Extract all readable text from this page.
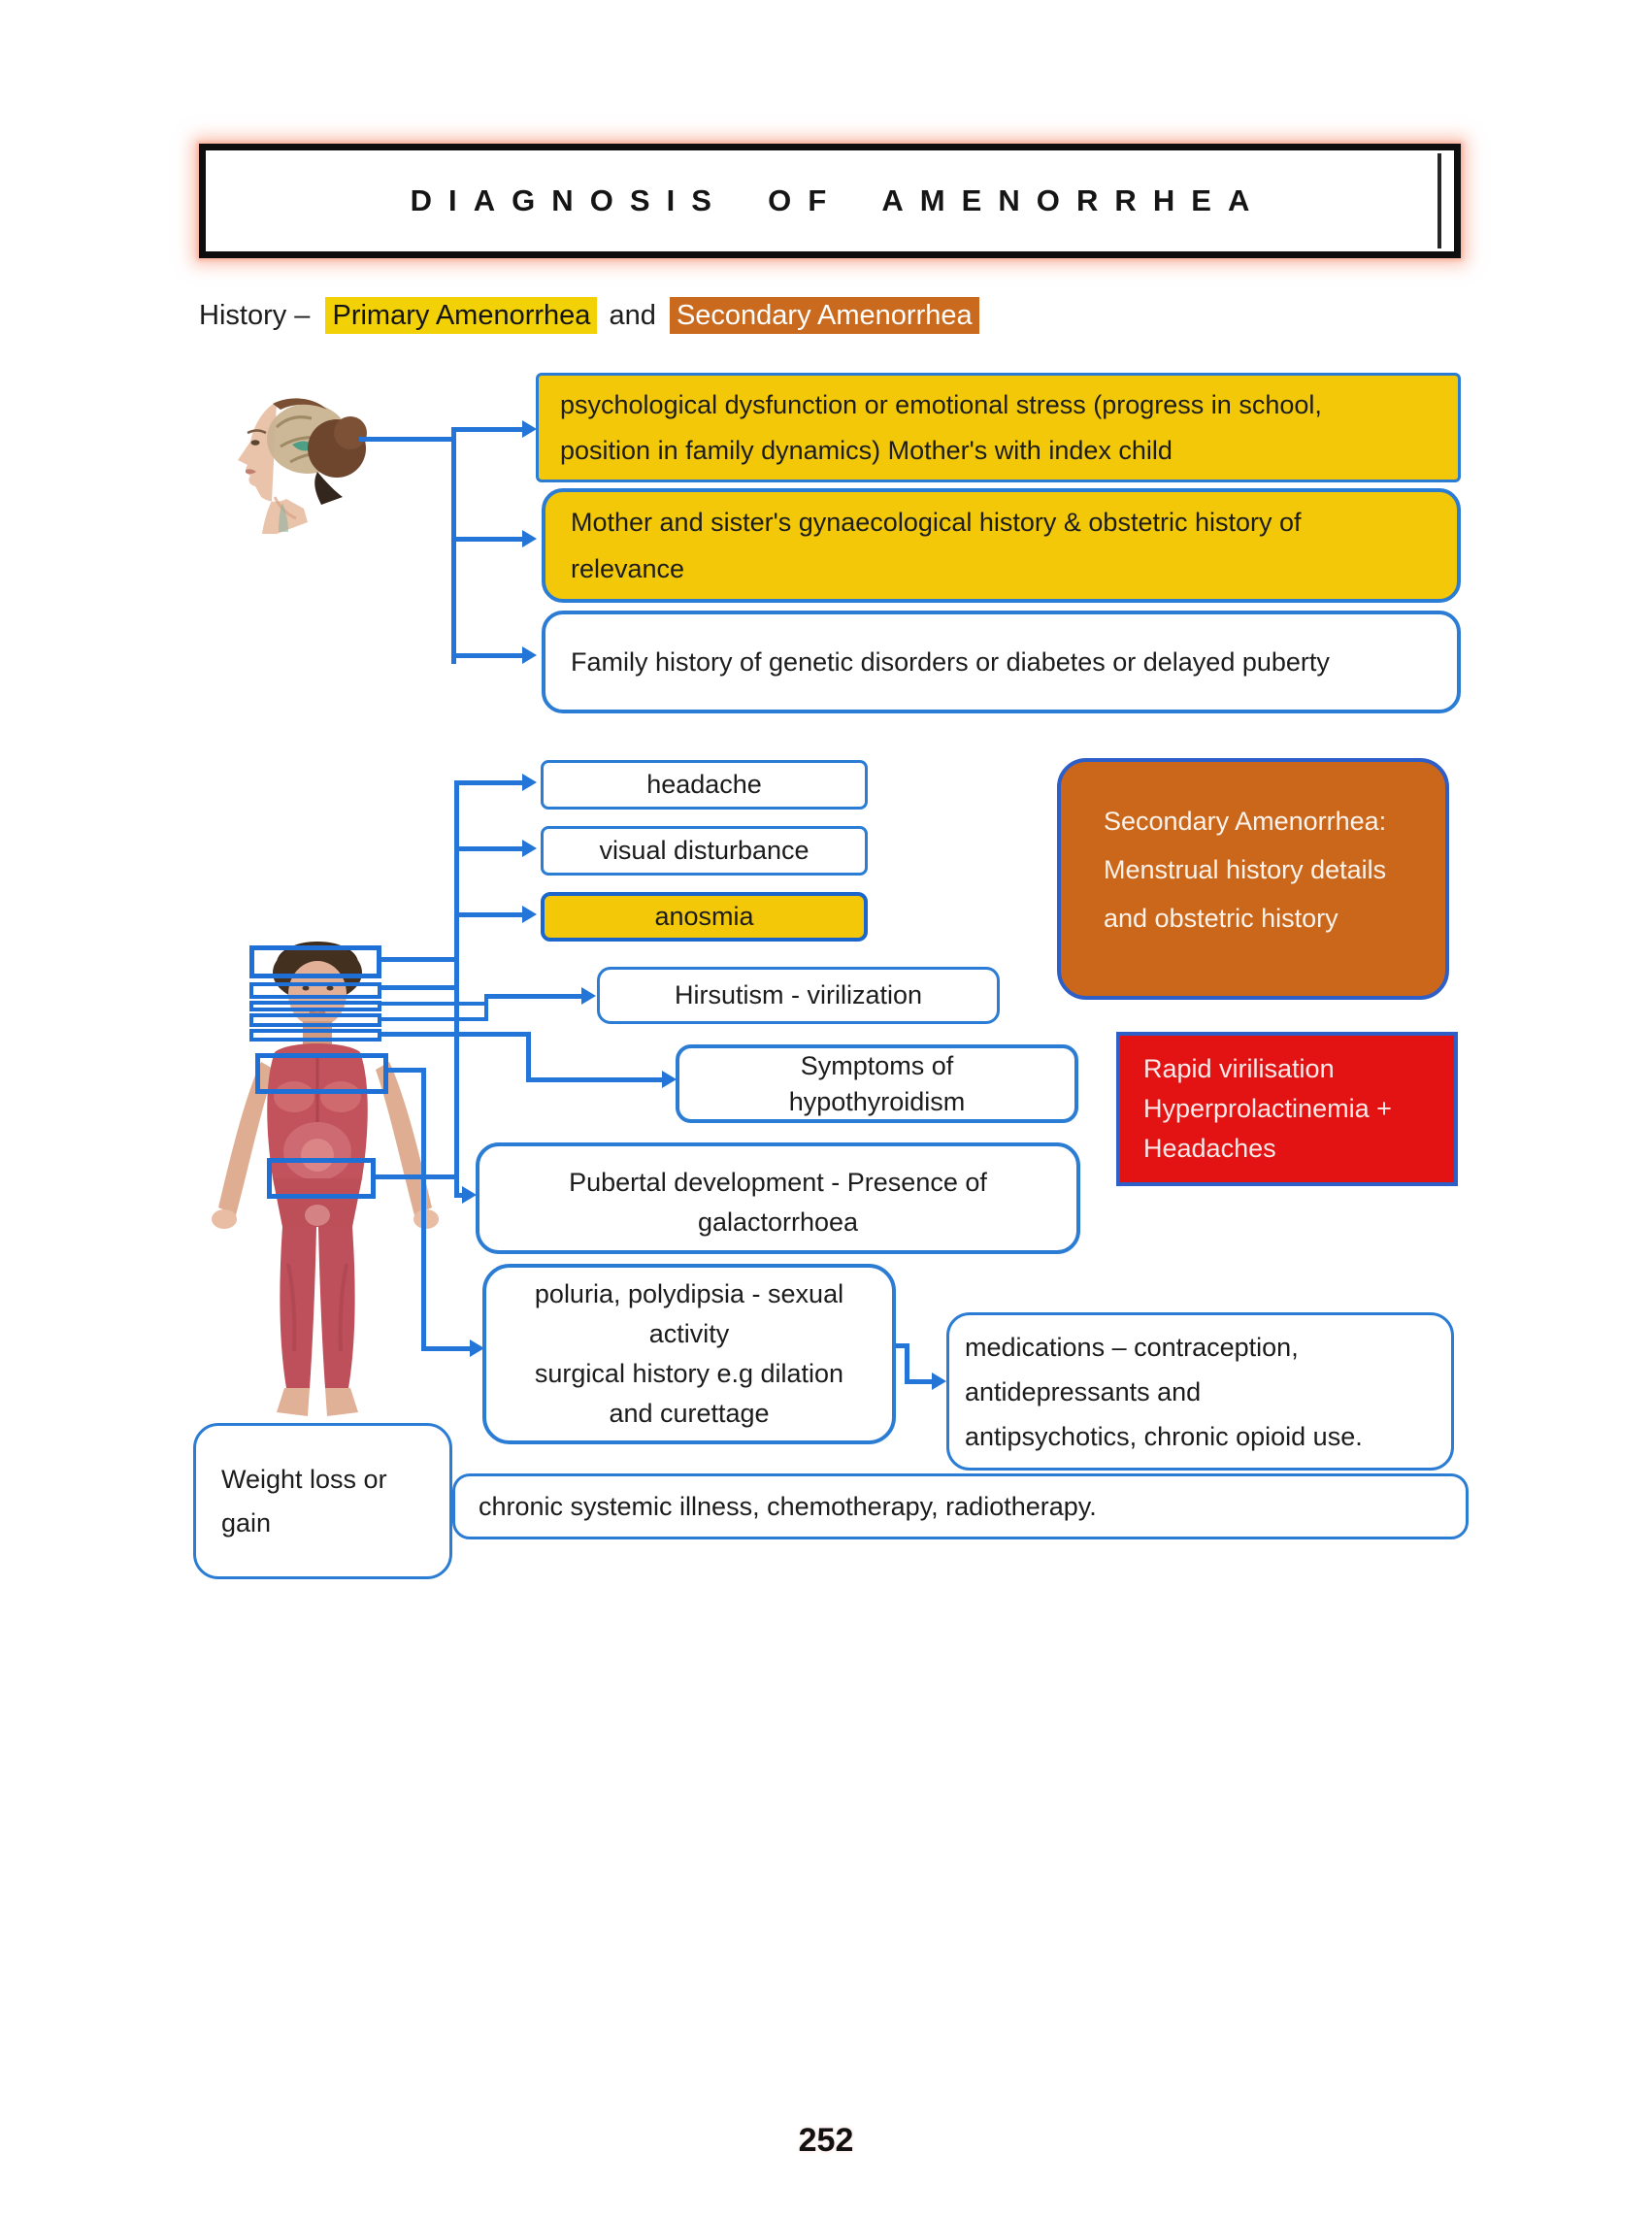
DIAGNOSIS OF AMENORRHEA
History – Primary Amenorrhea and Secondary Amenorrhea
psychological dysfunction or emotional stress (progress in school,
position in family dynamics) Mother's with index child
Mother and sister's gynaecological history & obstetric history of
relevance
Family history of genetic disorders or diabetes or delayed puberty
headache
visual disturbance
anosmia
Secondary Amenorrhea:
Menstrual history details
and obstetric history
Hirsutism - virilization
Symptoms of
hypothyroidism
Rapid virilisation
Hyperprolactinemia +
Headaches
Pubertal development - Presence of
galactorrhoea
poluria, polydipsia - sexual
activity
surgical history e.g dilation
and curettage
medications – contraception,
antidepressants and
antipsychotics, chronic opioid use.
Weight loss or
gain
chronic systemic illness, chemotherapy, radiotherapy.
252
